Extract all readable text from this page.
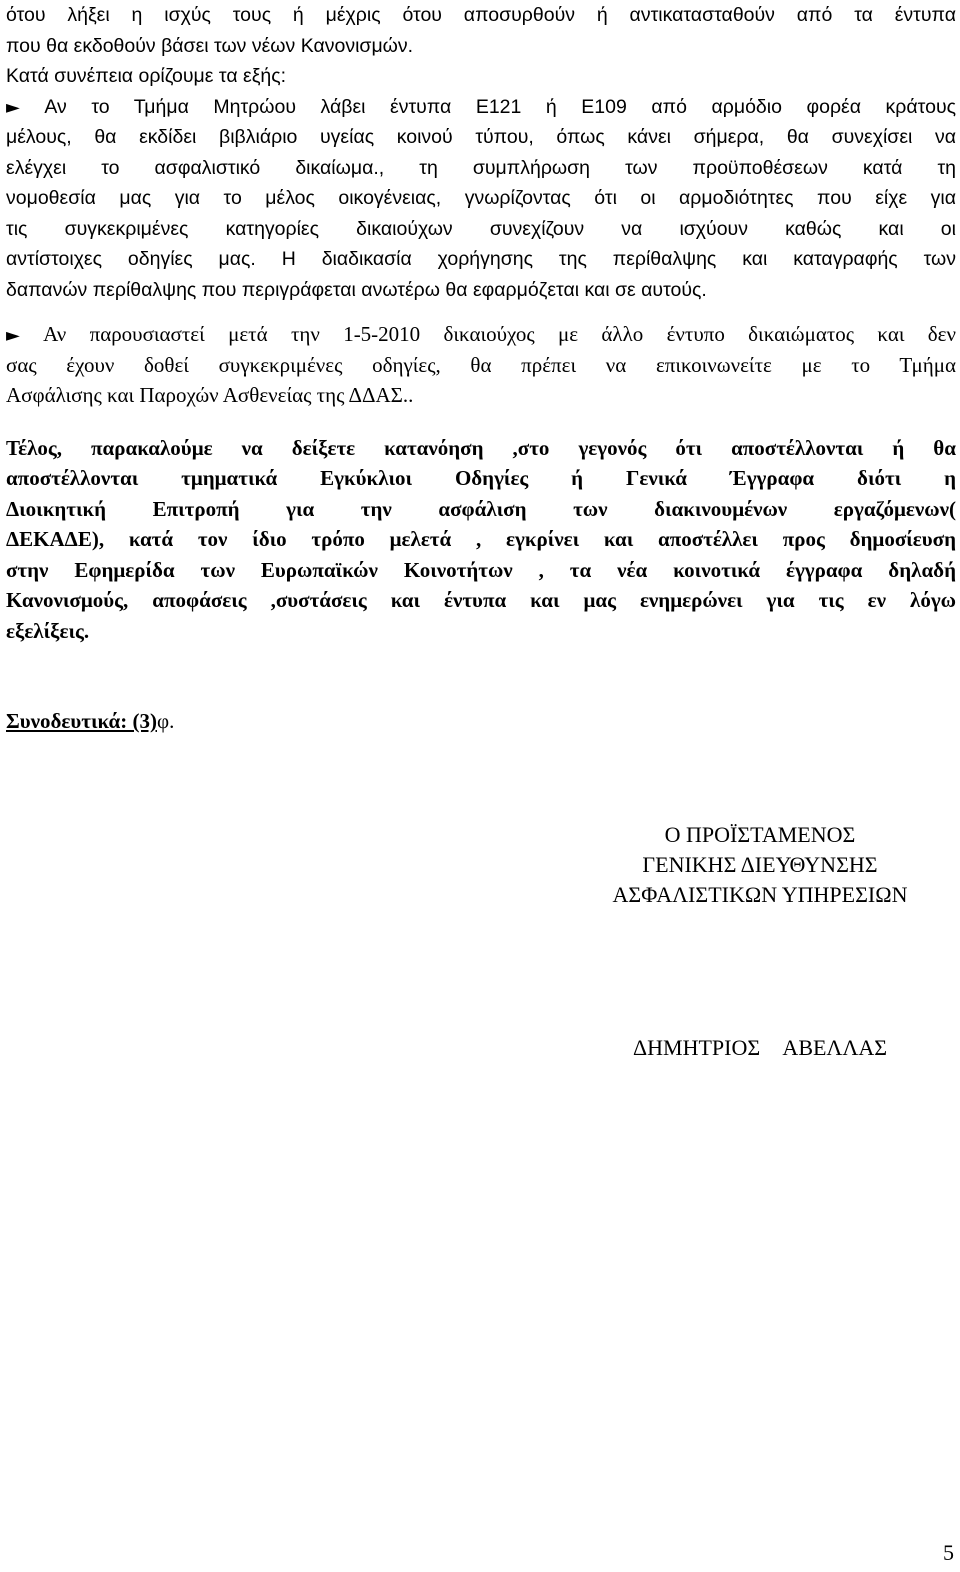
ότου λήξει η ισχύς τους ή μέχρις ότου αποσυρθούν ή αντικατασταθούν από τα έντυπα
που θα εκδοθούν βάσει των νέων Κανονισμών.
Κατά συνέπεια ορίζουμε τα εξής:
► Αν το Τμήμα Μητρώου λάβει έντυπα Ε121 ή Ε109 από αρμόδιο φορέα κράτους
μέλους, θα εκδίδει βιβλιάριο υγείας κοινού τύπου, όπως κάνει σήμερα, θα συνεχίσει να
ελέγχει το ασφαλιστικό δικαίωμα., τη συμπλήρωση των προϋποθέσεων κατά τη
νομοθεσία μας για το μέλος οικογένειας, γνωρίζοντας ότι οι αρμοδιότητες που είχε για
τις συγκεκριμένες κατηγορίες δικαιούχων συνεχίζουν να ισχύουν καθώς και οι
αντίστοιχες οδηγίες μας. Η διαδικασία χορήγησης της περίθαλψης και καταγραφής των
δαπανών περίθαλψης που περιγράφεται ανωτέρω θα εφαρμόζεται και σε αυτούς.
► Αν παρουσιαστεί μετά την 1-5-2010 δικαιούχος με άλλο έντυπο δικαιώματος και δεν
σας έχουν δοθεί συγκεκριμένες οδηγίες, θα πρέπει να επικοινωνείτε με το Τμήμα
Ασφάλισης και Παροχών Ασθενείας της ΔΔΑΣ..
Τέλος, παρακαλούμε να δείξετε κατανόηση ,στο γεγονός ότι αποστέλλονται ή θα
αποστέλλονται τμηματικά Εγκύκλιοι Οδηγίες ή Γενικά Έγγραφα διότι η
Διοικητική Επιτροπή για την ασφάλιση των διακινουμένων εργαζόμενων(
ΔΕΚΑΔΕ), κατά τον ίδιο τρόπο μελετά , εγκρίνει και αποστέλλει προς δημοσίευση
στην Εφημερίδα των Ευρωπαϊκών Κοινοτήτων , τα νέα κοινοτικά έγγραφα δηλαδή
Κανονισμούς, αποφάσεις ,συστάσεις και έντυπα και μας ενημερώνει για τις εν λόγω
εξελίξεις.
Συνοδευτικά: (3)φ.
Ο ΠΡΟΪΣΤΑΜΕΝΟΣ
ΓΕΝΙΚΗΣ ΔΙΕΥΘΥΝΣΗΣ
ΑΣΦΑΛΙΣΤΙΚΩΝ ΥΠΗΡΕΣΙΩΝ
ΔΗΜΗΤΡΙΟΣ ΑΒΕΛΛΑΣ
5
